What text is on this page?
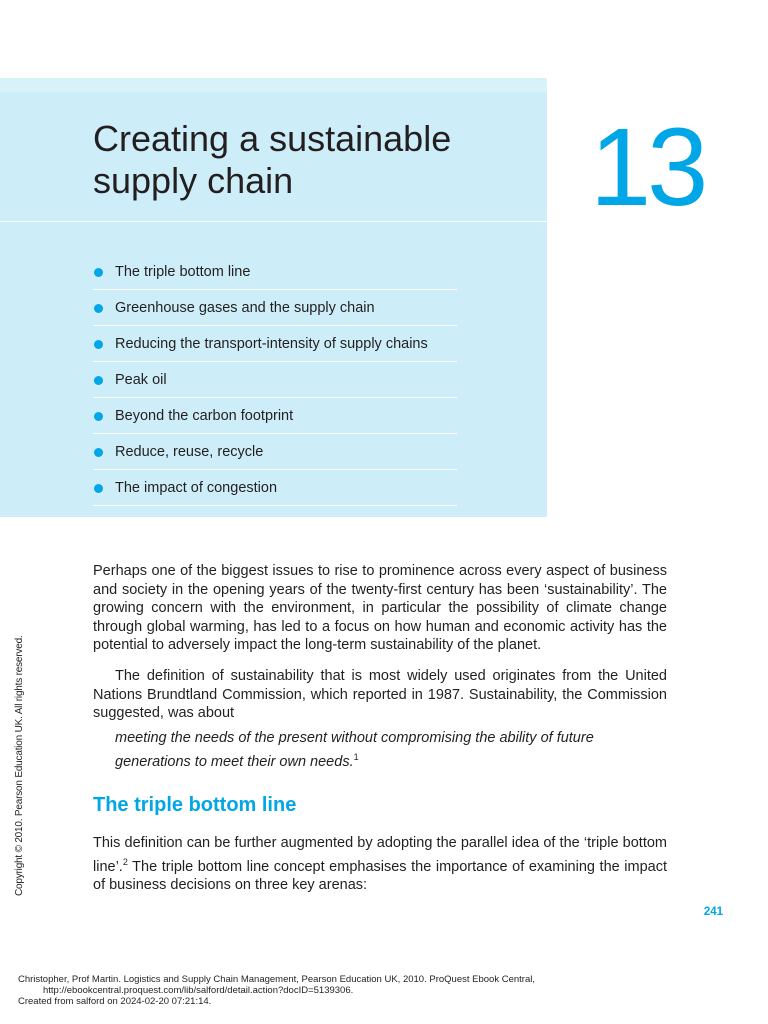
Creating a sustainable
supply chain	13
The triple bottom line
Greenhouse gases and the supply chain
Reducing the transport-intensity of supply chains
Peak oil
Beyond the carbon footprint
Reduce, reuse, recycle
The impact of congestion

Perhaps one of the biggest issues to rise to prominence across every aspect of business and society in the opening years of the twenty-first century has been ‘sustainability’. The growing concern with the environment, in particular the possibility of climate change through global warming, has led to a focus on how human and economic activity has the potential to adversely impact the long-term sustainability of the planet.

The definition of sustainability that is most widely used originates from the United Nations Brundtland Commission, which reported in 1987. Sustainability, the Commission suggested, was about

meeting the needs of the present without compromising the ability of future generations to meet their own needs.$^1$

The triple bottom line

This definition can be further augmented by adopting the parallel idea of the ‘triple bottom line’.$^2$ The triple bottom line concept emphasises the importance of examining the impact of business decisions on three key arenas:

241
Copyright © 2010. Pearson Education UK. All rights reserved.
Christopher, Prof Martin. Logistics and Supply Chain Management, Pearson Education UK, 2010. ProQuest Ebook Central,
http://ebookcentral.proquest.com/lib/salford/detail.action?docID=5139306.
Created from salford on 2024-02-20 07:21:14.
